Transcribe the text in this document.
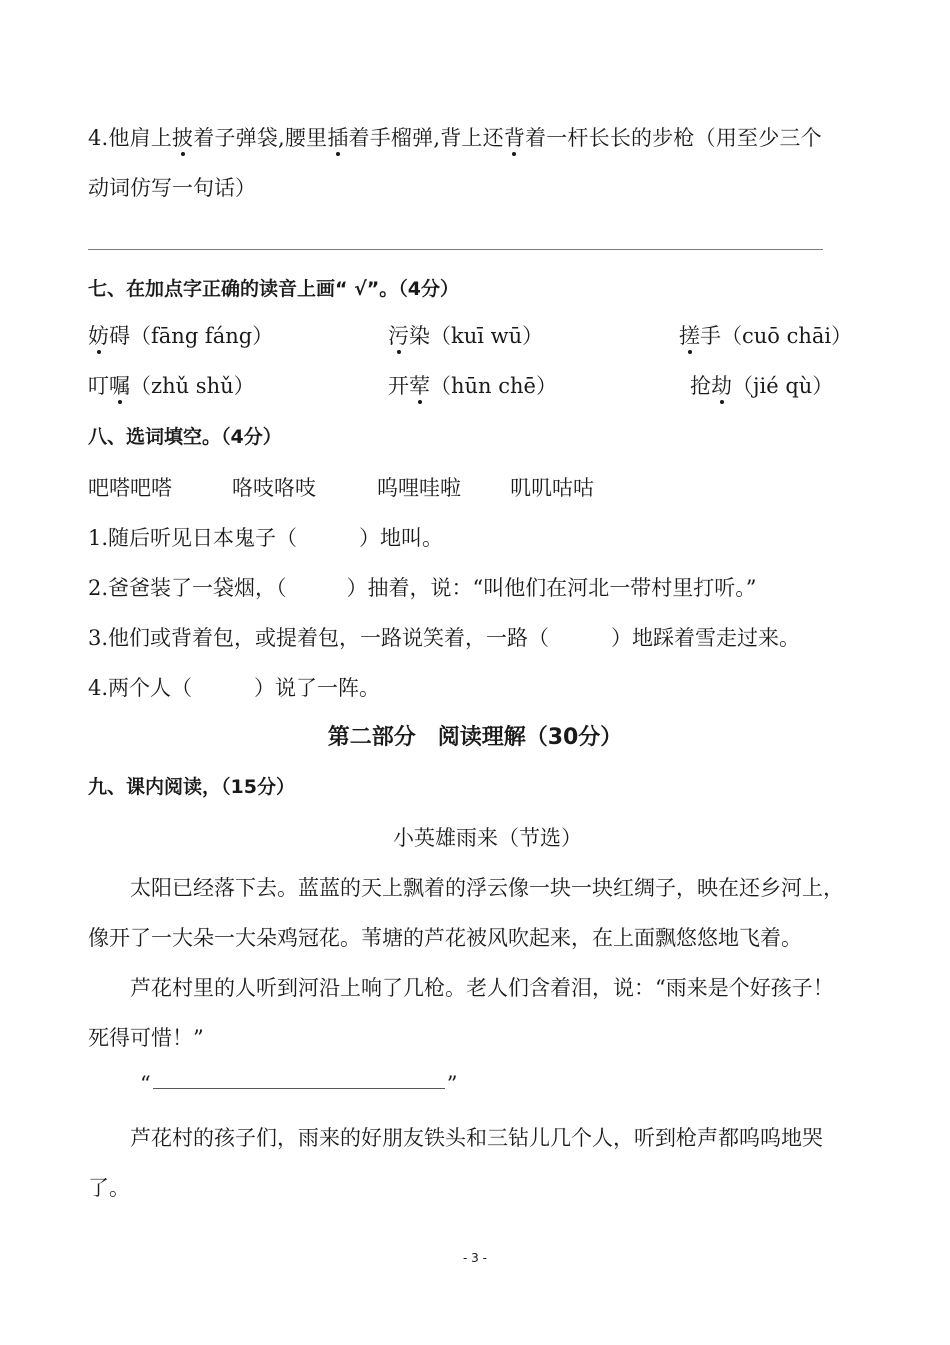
4.他肩上披着子弹袋,腰里插着手榴弹,背上还背着一杆长长的步枪（用至少三个
动词仿写一句话）
七、在加点字正确的读音上画“ √”。（4分）
妨碍（fāng fáng）	污染（kuī wū）	搓手（cuō chāi）
叮嘱（zhǔ shǔ）	开荤（hūn chē）	抢劫（jié qù）
八、选词填空。（4分）
吧嗒吧嗒	咯吱咯吱	呜哩哇啦 叽叽咕咕
1.随后听见日本鬼子（	）地叫。
2.爸爸装了一袋烟，（	）抽着，说：“叫他们在河北一带村里打听。”
3.他们或背着包，或提着包，一路说笑着，一路（	）地踩着雪走过来。
4.两个人（	）说了一阵。
第二部分　阅读理解（30分）
九、课内阅读，（15分）
小英雄雨来（节选）
太阳已经落下去。蓝蓝的天上飘着的浮云像一块一块红绸子，映在还乡河上，
像开了一大朵一大朵鸡冠花。苇塘的芦花被风吹起来，在上面飘悠悠地飞着。
芦花村里的人听到河沿上响了几枪。老人们含着泪，说：“雨来是个好孩子！
死得可惜！”
“	”
芦花村的孩子们，雨来的好朋友铁头和三钻儿几个人，听到枪声都呜呜地哭
了。
- 3 -
